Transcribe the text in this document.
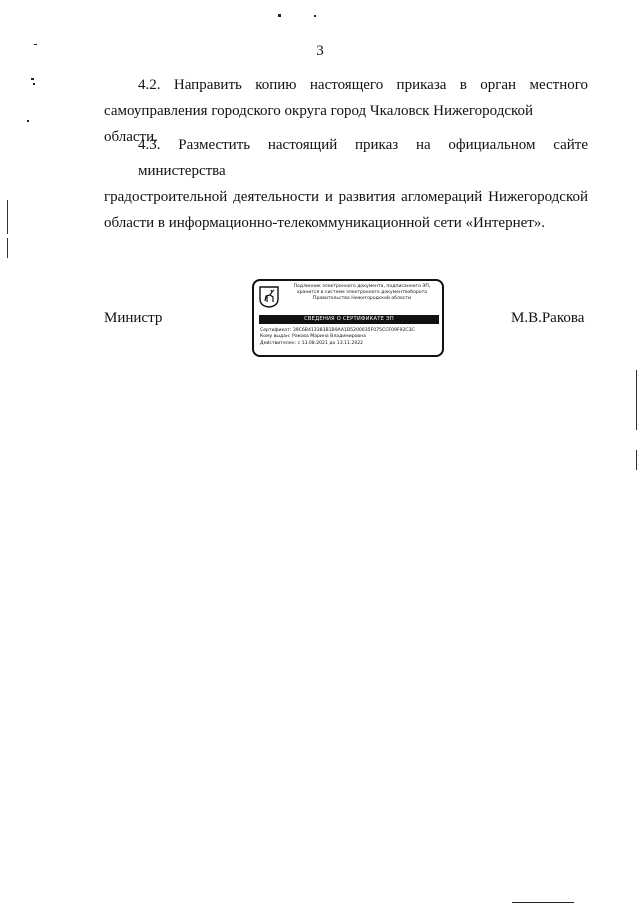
3

4.2. Направить копию настоящего приказа в орган местного
самоуправления городского округа город Чкаловск Нижегородской области.

4.3. Разместить настоящий приказ на официальном сайте министерства
градостроительной деятельности и развития агломераций Нижегородской
области в информационно-телекоммуникационной сети «Интернет».

Министр
Подлинник электронного документа, подписанного ЭП,
хранится в системе электронного документооборота
Правительства Нижегородской области
СВЕДЕНИЯ О СЕРТИФИКАТЕ ЭП
Сертификат: 39C6B413383B1B9AA1B5200035F075CCF09F92C3C
Кому выдан: Ракова Марина Владимировна
Действителен: с 13.08.2021 до 13.11.2022
М.В.Ракова
